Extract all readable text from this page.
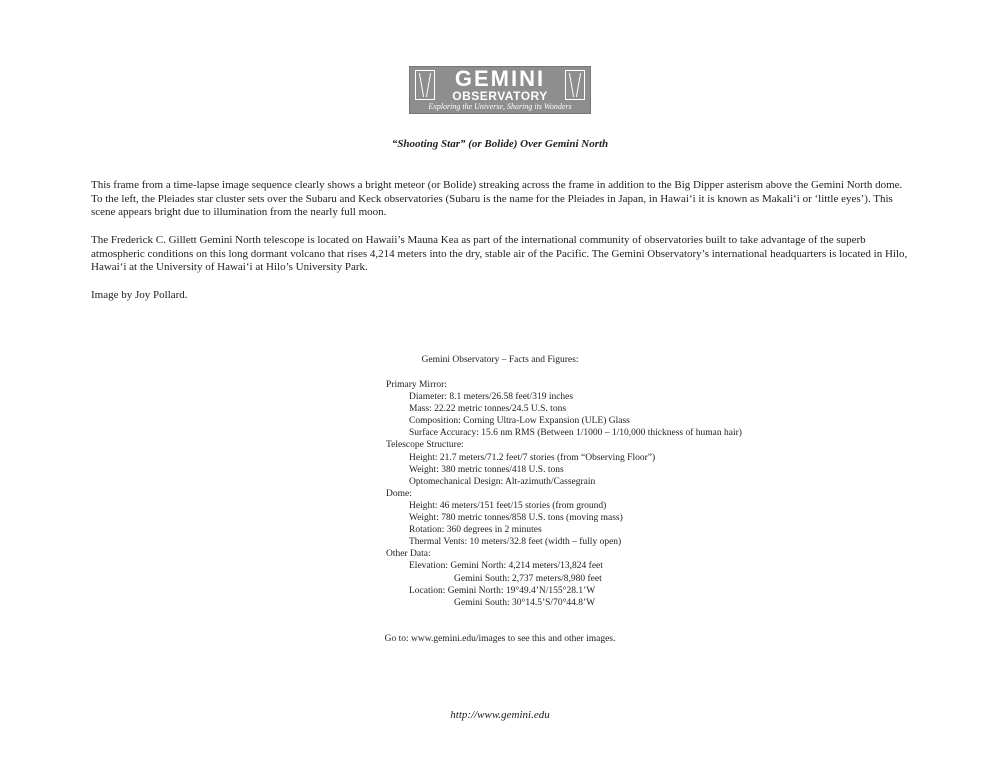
GEMINI
OBSERVATORY
Exploring the Universe, Sharing its Wonders
“Shooting Star” (or Bolide) Over Gemini North

This frame from a time-lapse image sequence clearly shows a bright meteor (or Bolide) streaking across the frame in addition to the Big Dipper asterism above the Gemini North dome. To the left, the Pleiades star cluster sets over the Subaru and Keck observatories (Subaru is the name for the Pleiades in Japan, in Hawai‘i it is known as Makali‘i or ‘little eyes’). This scene appears bright due to illumination from the nearly full moon.

The Frederick C. Gillett Gemini North telescope is located on Hawaii’s Mauna Kea as part of the international community of observatories built to take advantage of the superb atmospheric conditions on this long dormant volcano that rises 4,214 meters into the dry, stable air of the Pacific. The Gemini Observatory’s international headquarters is located in Hilo, Hawai‘i at the University of Hawai‘i at Hilo’s University Park.

Image by Joy Pollard.

Gemini Observatory – Facts and Figures:
Primary Mirror:
Diameter: 8.1 meters/26.58 feet/319 inches
Mass: 22.22 metric tonnes/24.5 U.S. tons
Composition: Corning Ultra-Low Expansion (ULE) Glass
Surface Accuracy: 15.6 nm RMS (Between 1/1000 – 1/10,000 thickness of human hair)
Telescope Structure:
Height: 21.7 meters/71.2 feet/7 stories (from “Observing Floor”)
Weight: 380 metric tonnes/418 U.S. tons
Optomechanical Design: Alt-azimuth/Cassegrain
Dome:
Height: 46 meters/151 feet/15 stories (from ground)
Weight: 780 metric tonnes/858 U.S. tons (moving mass)
Rotation: 360 degrees in 2 minutes
Thermal Vents: 10 meters/32.8 feet (width – fully open)
Other Data:
Elevation: Gemini North: 4,214 meters/13,824 feet
Gemini South: 2,737 meters/8,980 feet
Location: Gemini North: 19°49.4’N/155°28.1’W
Gemini South: 30°14.5’S/70°44.8’W
Go to: www.gemini.edu/images to see this and other images.
http://www.gemini.edu
